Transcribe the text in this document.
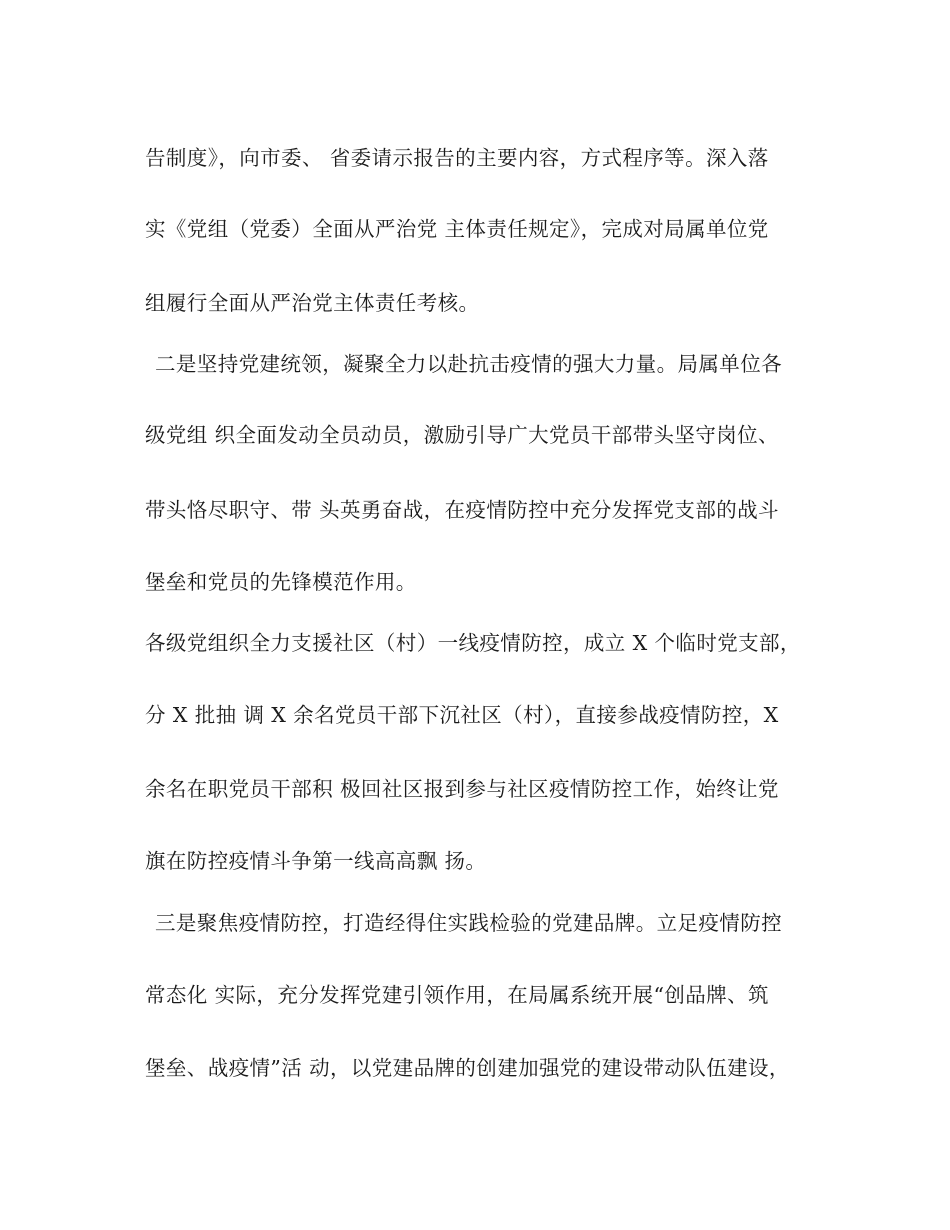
告制度》，向市委、 省委请示报告的主要内容，方式程序等。深入落
实《党组（党委）全面从严治党 主体责任规定》，完成对局属单位党
组履行全面从严治党主体责任考核。
二是坚持党建统领，凝聚全力以赴抗击疫情的强大力量。局属单位各
级党组 织全面发动全员动员，激励引导广大党员干部带头坚守岗位、
带头恪尽职守、带 头英勇奋战，在疫情防控中充分发挥党支部的战斗
堡垒和党员的先锋模范作用。
各级党组织全力支援社区（村）一线疫情防控，成立 X 个临时党支部，
分 X 批抽 调 X 余名党员干部下沉社区（村），直接参战疫情防控，X
余名在职党员干部积 极回社区报到参与社区疫情防控工作，始终让党
旗在防控疫情斗争第一线高高飘 扬。
三是聚焦疫情防控，打造经得住实践检验的党建品牌。立足疫情防控
常态化 实际，充分发挥党建引领作用，在局属系统开展“创品牌、筑
堡垒、战疫情”活 动，以党建品牌的创建加强党的建设带动队伍建设，
